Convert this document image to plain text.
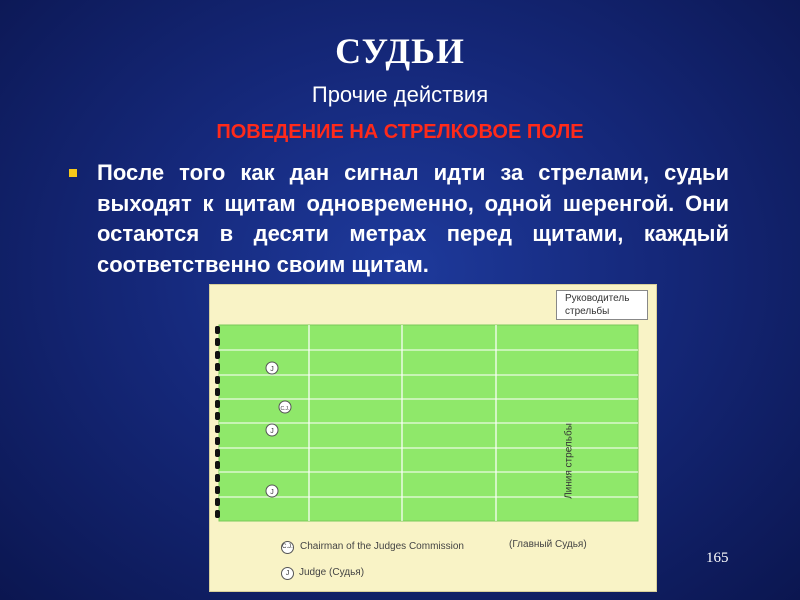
СУДЬИ
Прочие действия
ПОВЕДЕНИЕ НА СТРЕЛКОВОЕ ПОЛЕ
После того как дан сигнал идти за стрелами, судьи выходят к щитам одновременно, одной шеренгой. Они остаются в десяти метрах перед щитами, каждый соответственно своим щитам.
J
C.J.
J
J
Руководитель стрельбы
Линия стрельбы
C.J. Chairman of the Judges Commission	(Главный Судья)
J Judge (Судья)
165
